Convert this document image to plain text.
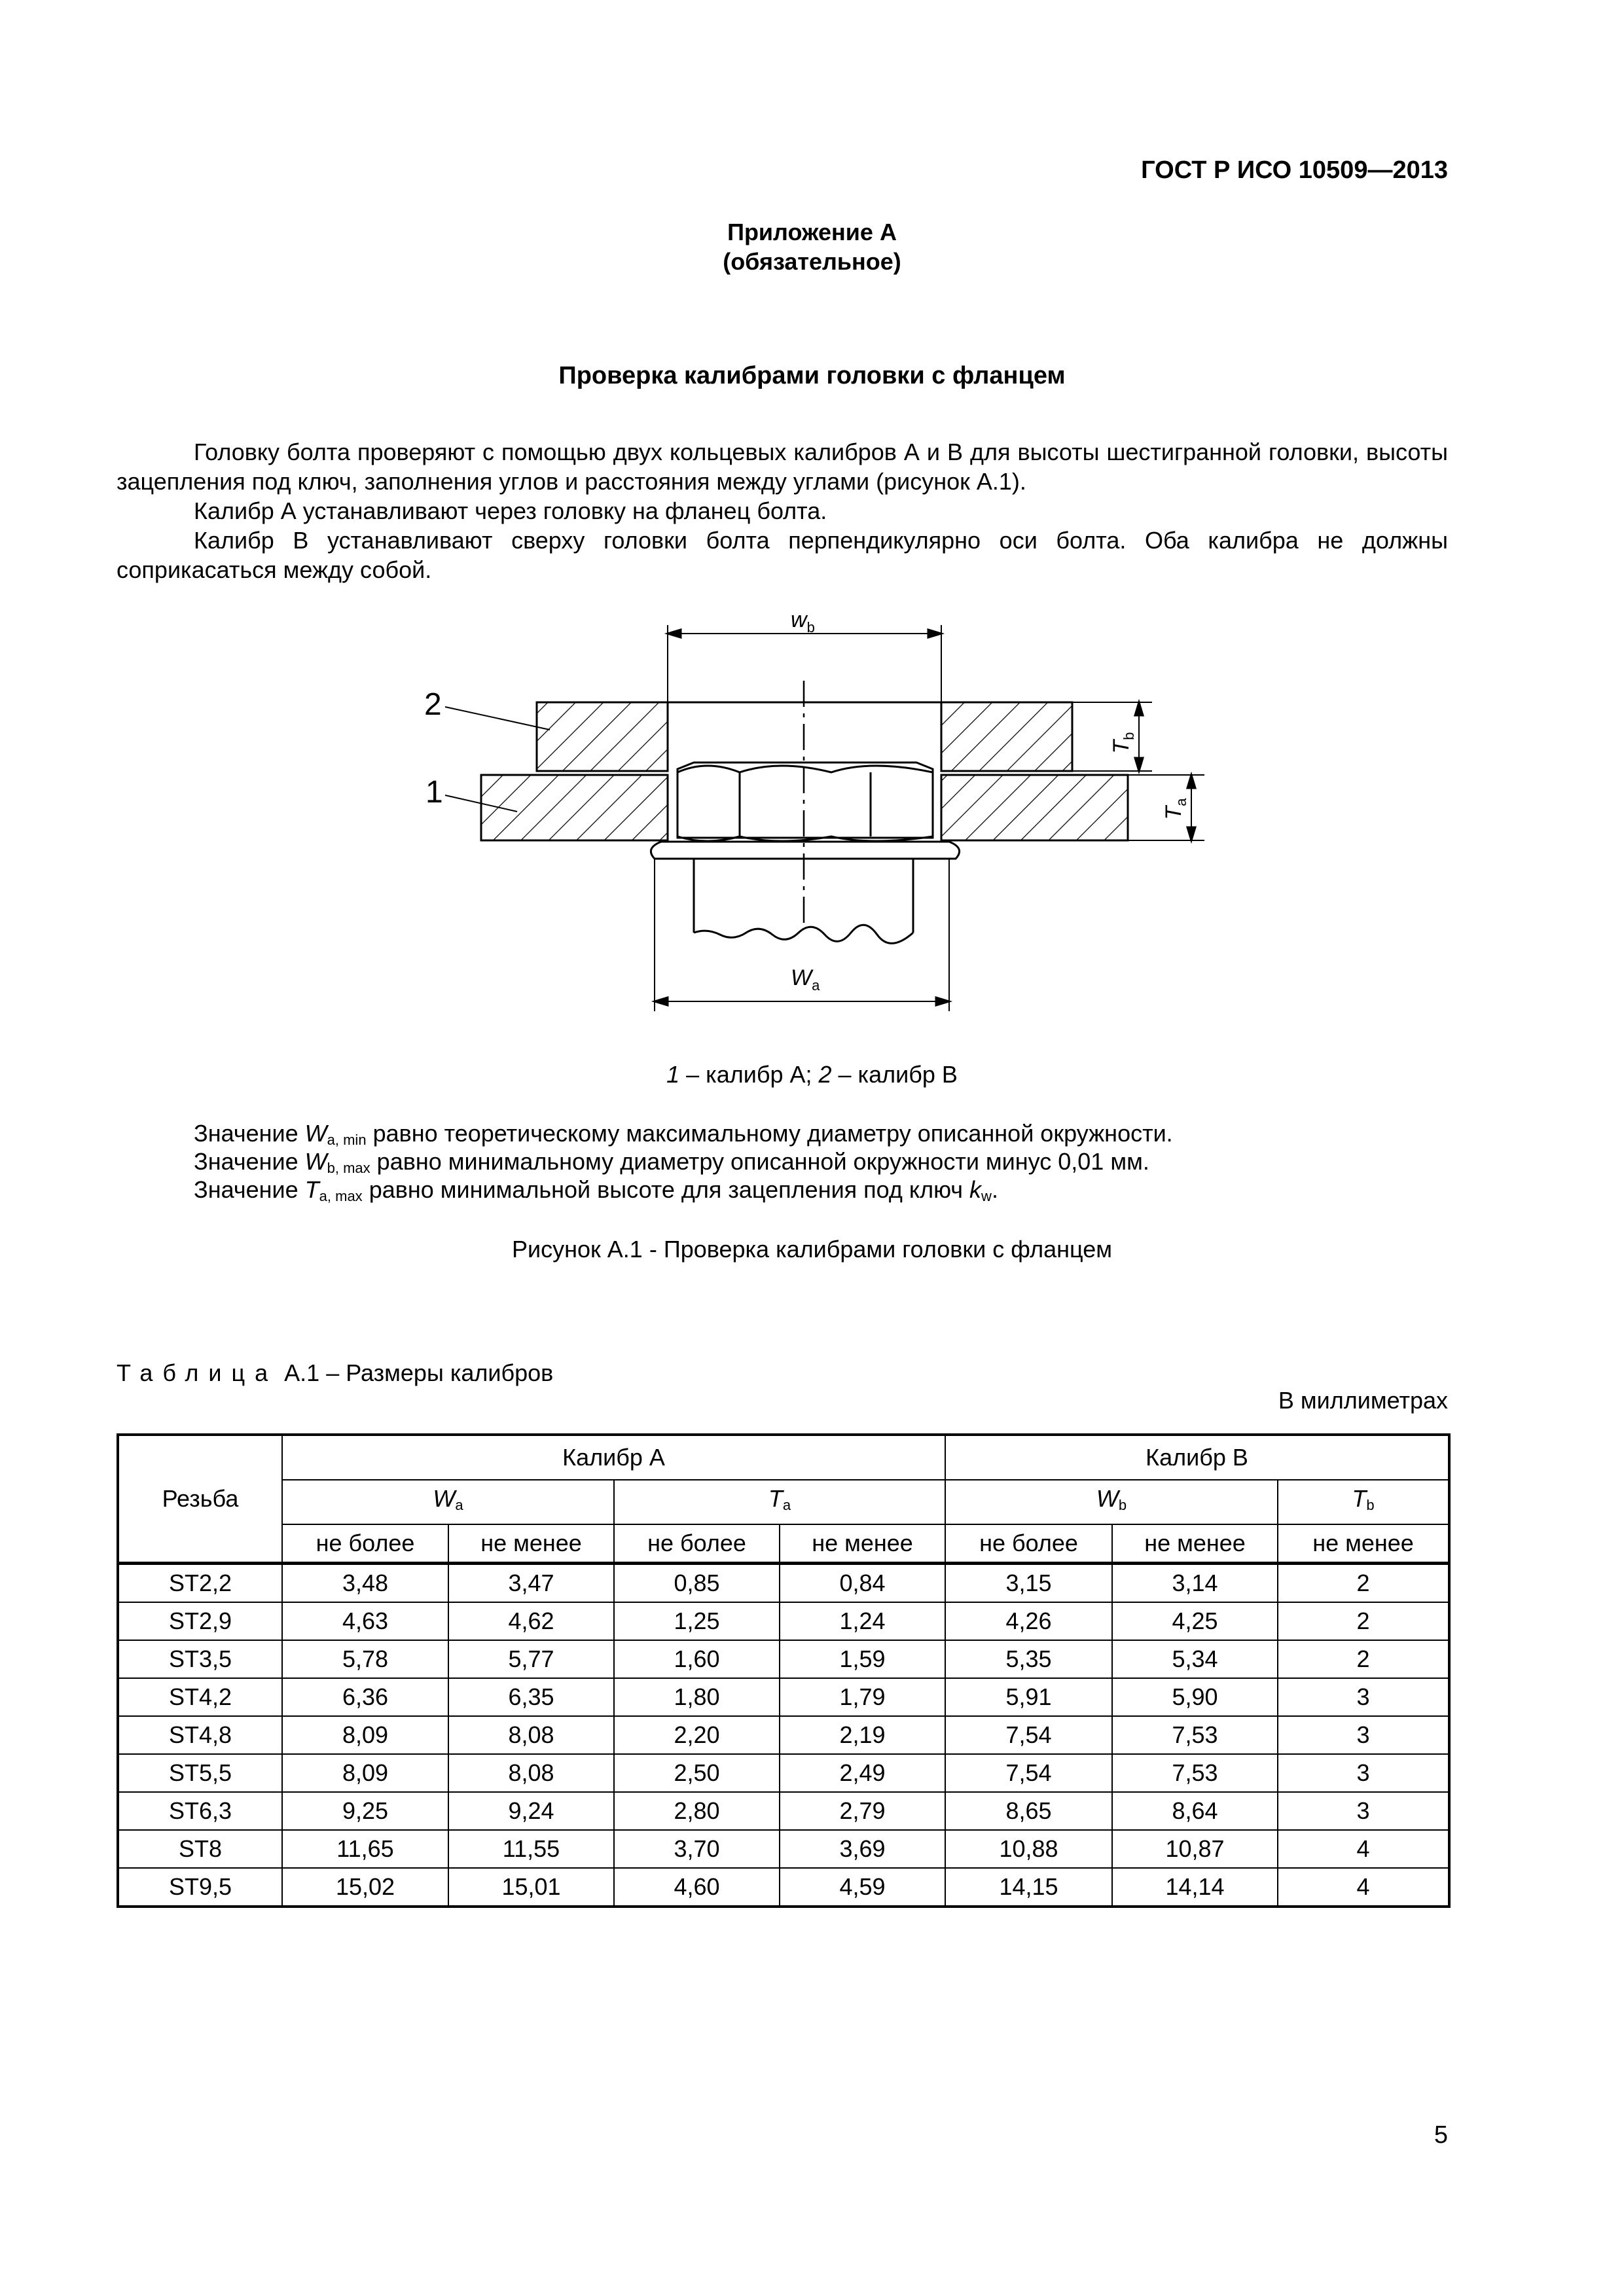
ГОСТ Р ИСО 10509—2013
Приложение А
(обязательное)
Проверка калибрами головки с фланцем
Головку болта проверяют с помощью двух кольцевых калибров А и В для высоты шестигранной головки, высоты зацепления под ключ, заполнения углов и расстояния между углами (рисунок А.1).
Калибр А устанавливают через головку на фланец болта.
Калибр В устанавливают сверху головки болта перпендикулярно оси болта. Оба калибра не должны соприкасаться между собой.
2
1
$w_b$
$W_a$
$T_b$
$T_a$
1 – калибр А; 2 – калибр В
Значение $W_{a, min}$ равно теоретическому максимальному диаметру описанной окружности.
Значение $W_{b, max}$ равно минимальному диаметру описанной окружности минус 0,01 мм.
Значение $T_{a, max}$ равно минимальной высоте для зацепления под ключ $k_w$.
Рисунок А.1 - Проверка калибрами головки с фланцем
Таблица А.1 – Размеры калибров
В миллиметрах
Резьба	Калибр А				Калибр В		
	$W_a$		$T_a$		$W_b$		$T_b$
	не более	не менее	не более	не менее	не более	не менее	не менее
ST2,2	3,48	3,47	0,85	0,84	3,15	3,14	2
ST2,9	4,63	4,62	1,25	1,24	4,26	4,25	2
ST3,5	5,78	5,77	1,60	1,59	5,35	5,34	2
ST4,2	6,36	6,35	1,80	1,79	5,91	5,90	3
ST4,8	8,09	8,08	2,20	2,19	7,54	7,53	3
ST5,5	8,09	8,08	2,50	2,49	7,54	7,53	3
ST6,3	9,25	9,24	2,80	2,79	8,65	8,64	3
ST8	11,65	11,55	3,70	3,69	10,88	10,87	4
ST9,5	15,02	15,01	4,60	4,59	14,15	14,14	4
5
